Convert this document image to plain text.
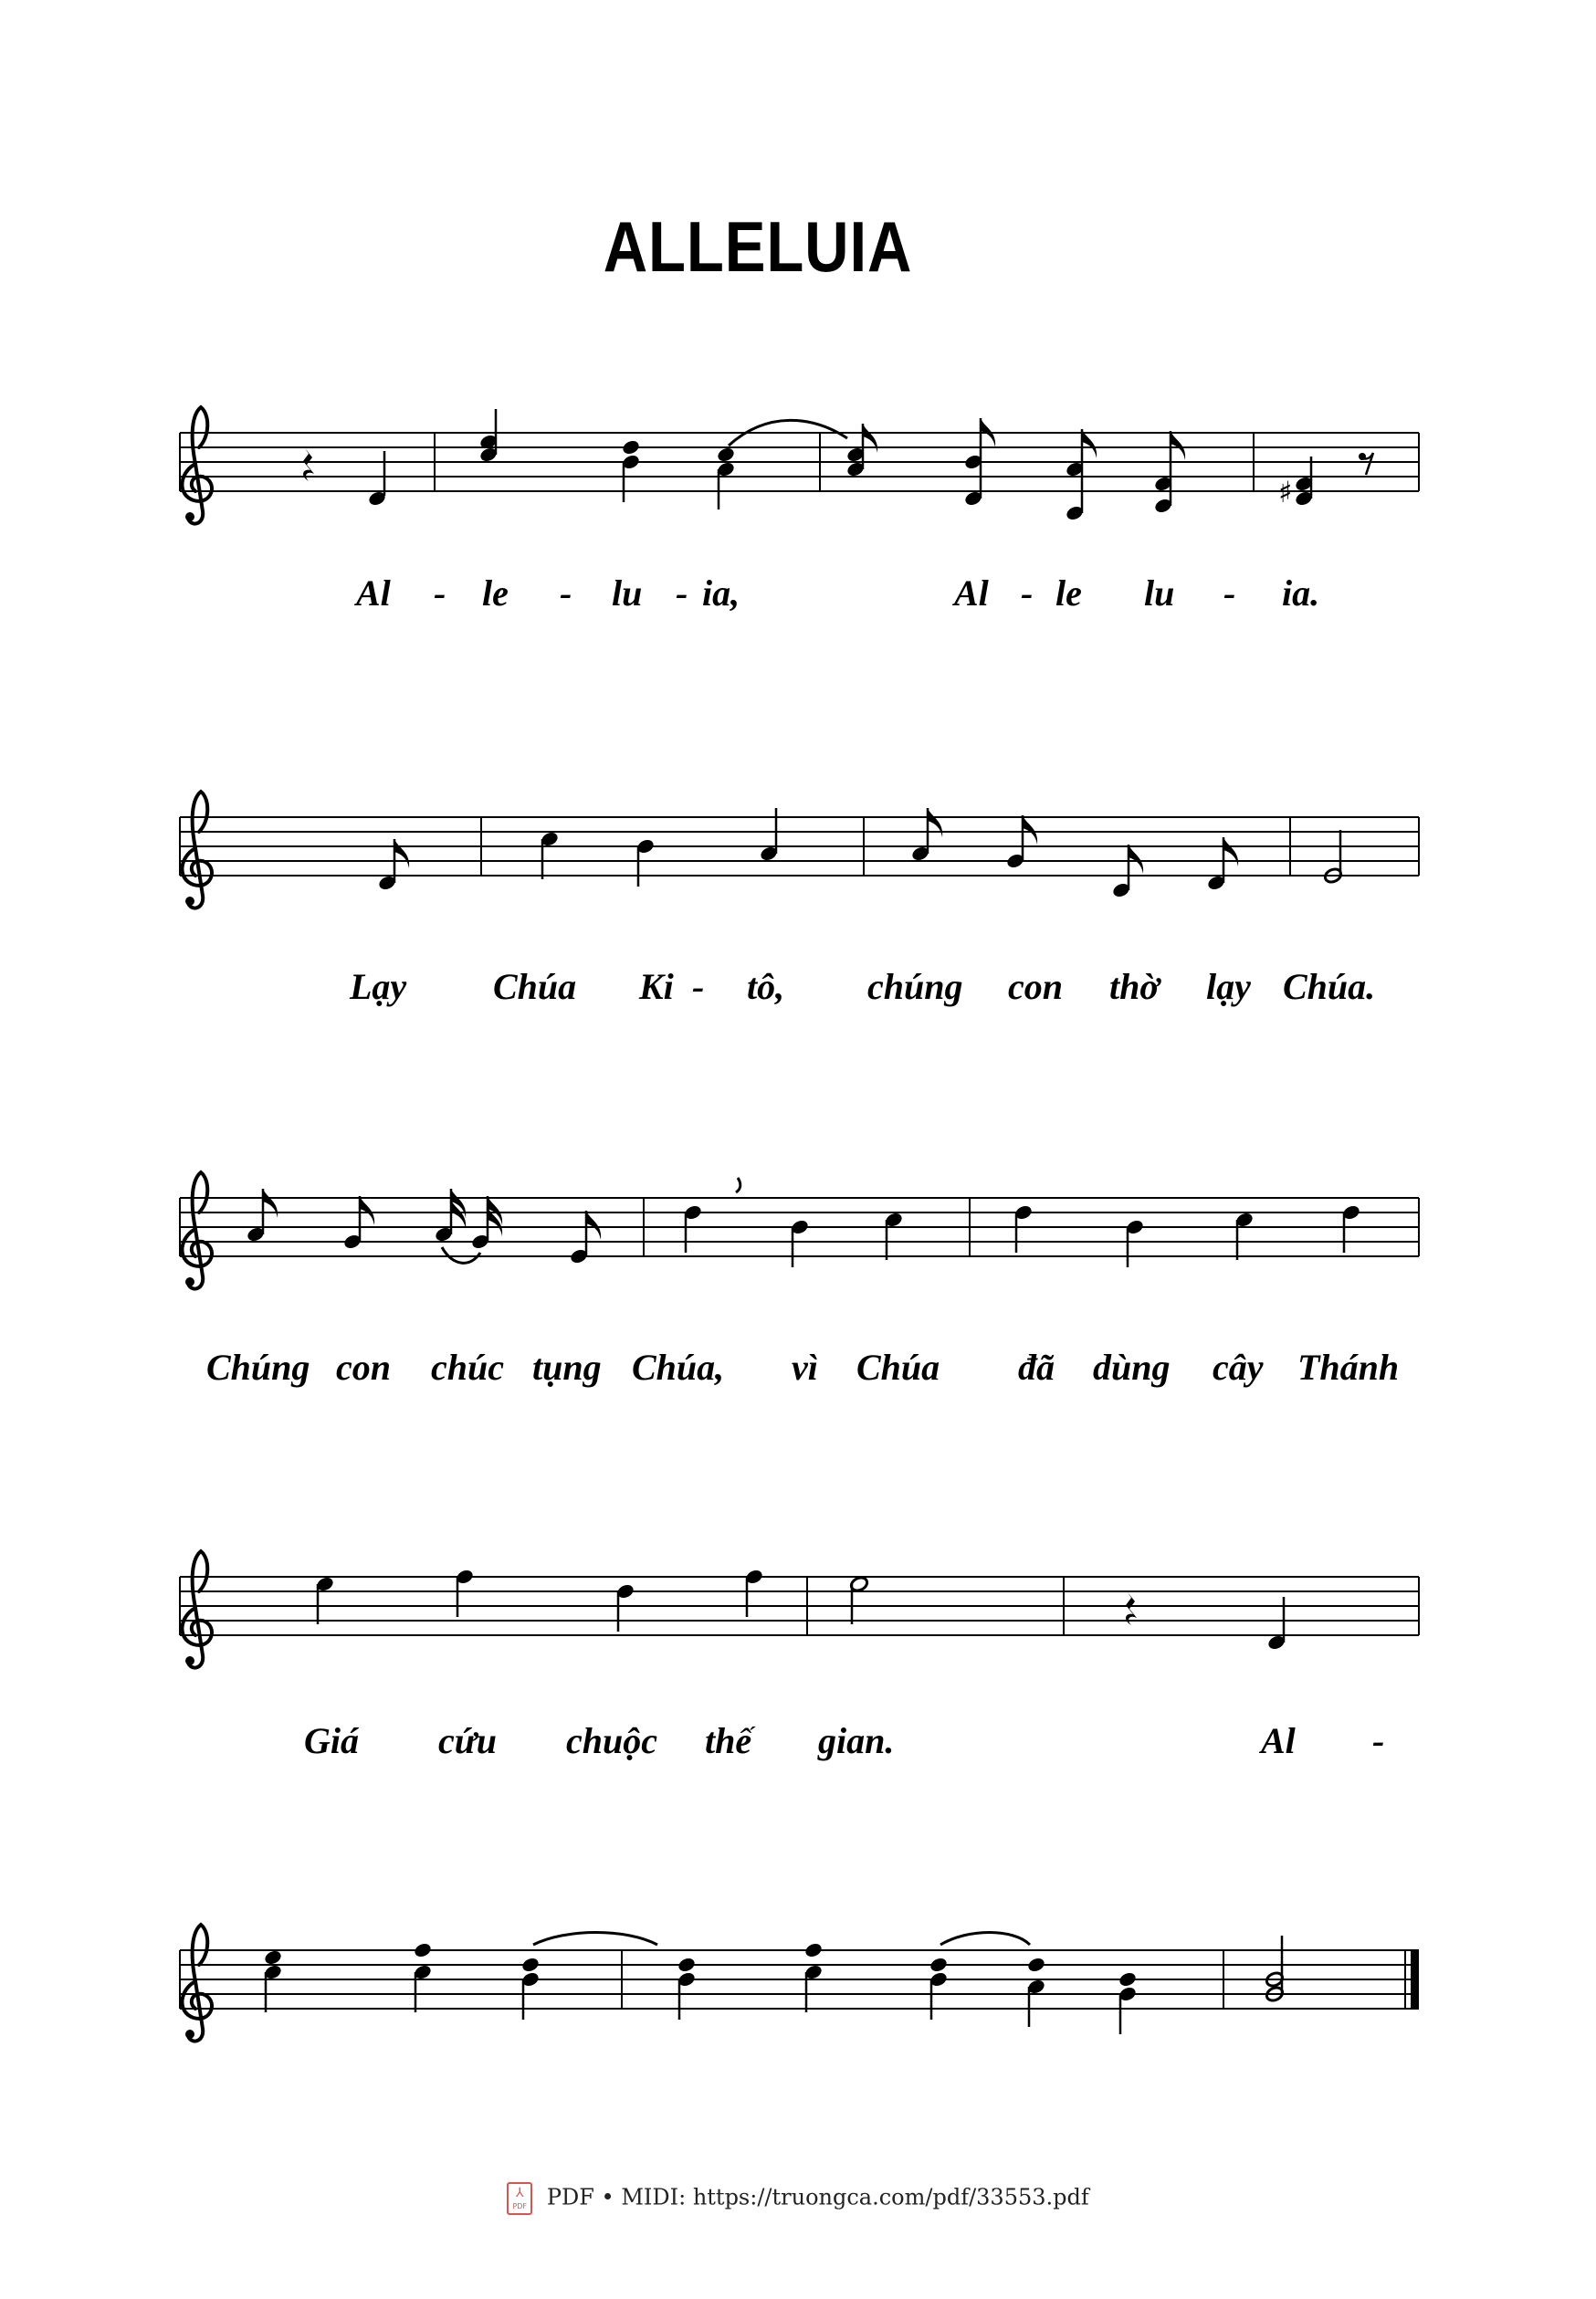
ALLELUIA
♯
Al - le - lu - ia,	Al - le lu - ia.
Lạy Chúa Ki - tô, chúng con thờ lạy Chúa.
Chúng con chúc tụng Chúa, vì Chúa đã dùng cây Thánh
Giá cứu chuộc thế gian.	Al -
⅄ PDF PDF • MIDI: https://truongca.com/pdf/33553.pdf
